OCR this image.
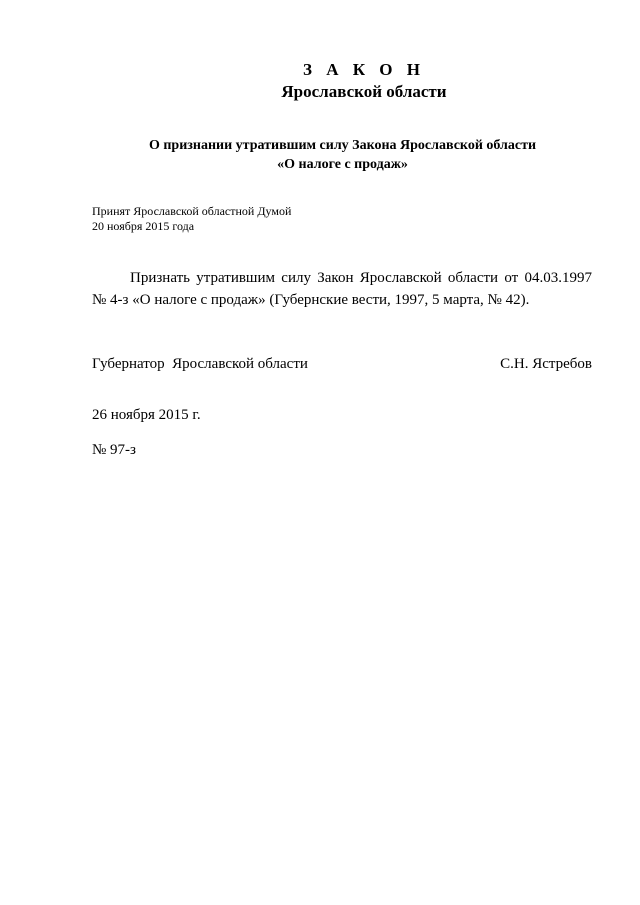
З А К О Н
Ярославской области
О признании утратившим силу Закона Ярославской области
«О налоге с продаж»
Принят Ярославской областной Думой
20 ноября 2015 года
Признать утратившим силу Закон Ярославской области от 04.03.1997
№ 4-з «О налоге с продаж» (Губернские вести, 1997, 5 марта, № 42).
Губернатор  Ярославской области	С.Н. Ястребов
26 ноября 2015 г.
№ 97-з
